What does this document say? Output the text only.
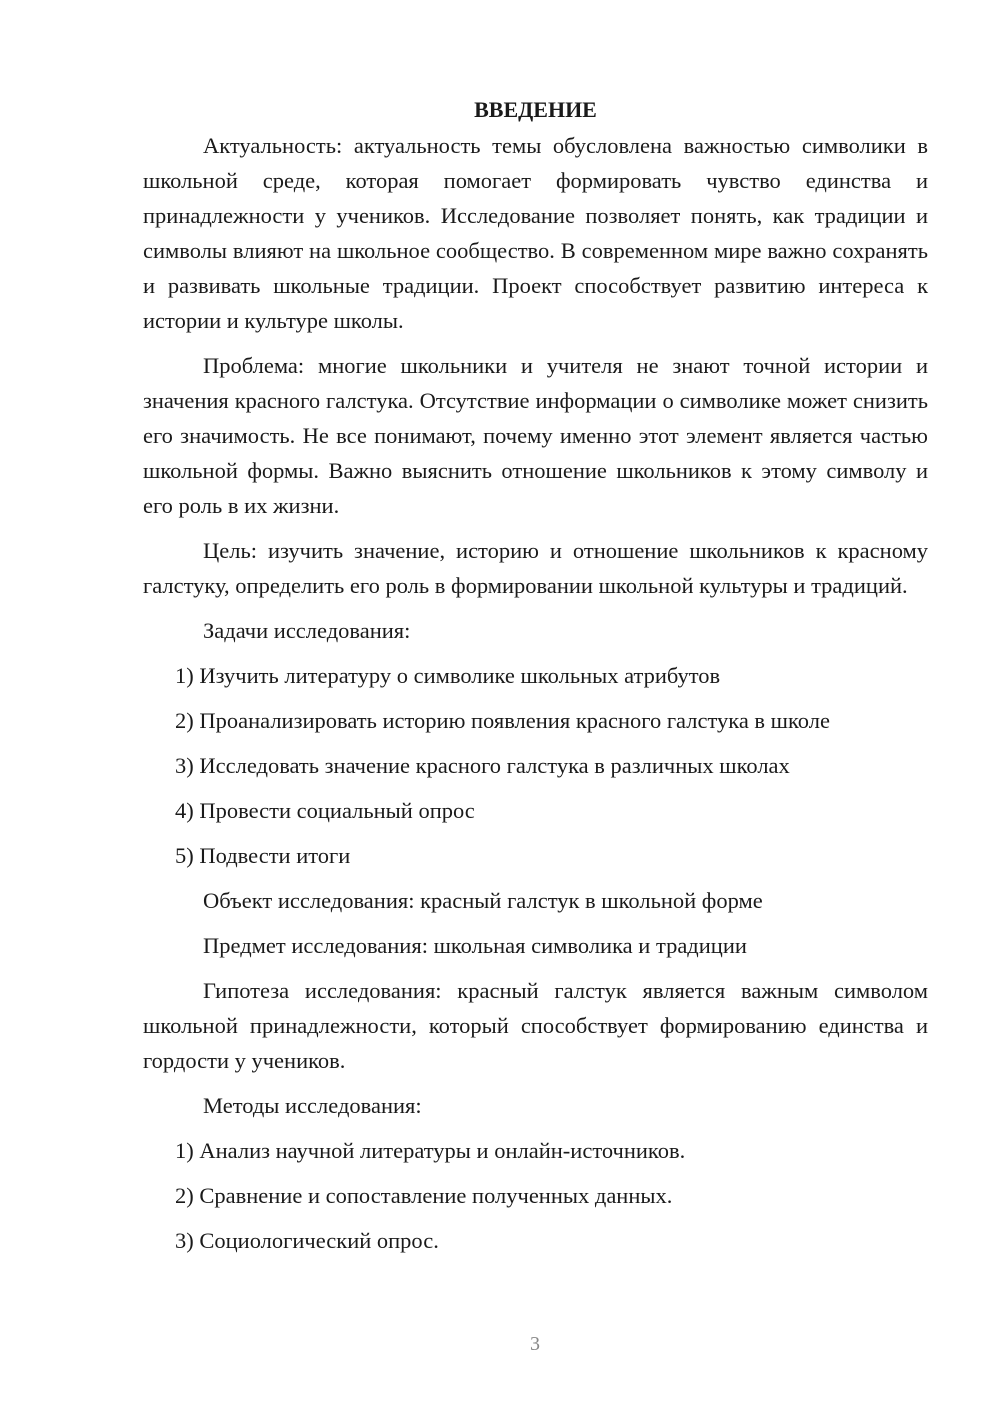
ВВЕДЕНИЕ

Актуальность: актуальность темы обусловлена важностью символики в школьной среде, которая помогает формировать чувство единства и принадлежности у учеников. Исследование позволяет понять, как традиции и символы влияют на школьное сообщество. В современном мире важно сохранять и развивать школьные традиции. Проект способствует развитию интереса к истории и культуре школы.

Проблема: многие школьники и учителя не знают точной истории и значения красного галстука. Отсутствие информации о символике может снизить его значимость. Не все понимают, почему именно этот элемент является частью школьной формы. Важно выяснить отношение школьников к этому символу и его роль в их жизни.

Цель: изучить значение, историю и отношение школьников к красному галстуку, определить его роль в формировании школьной культуры и традиций.

Задачи исследования:

1) Изучить литературу о символике школьных атрибутов

2) Проанализировать историю появления красного галстука в школе

3) Исследовать значение красного галстука в различных школах

4) Провести социальный опрос

5) Подвести итоги

Объект исследования: красный галстук в школьной форме

Предмет исследования: школьная символика и традиции

Гипотеза исследования: красный галстук является важным символом школьной принадлежности, который способствует формированию единства и гордости у учеников.

Методы исследования:

1) Анализ научной литературы и онлайн-источников.

2) Сравнение и сопоставление полученных данных.

3) Социологический опрос.

3
